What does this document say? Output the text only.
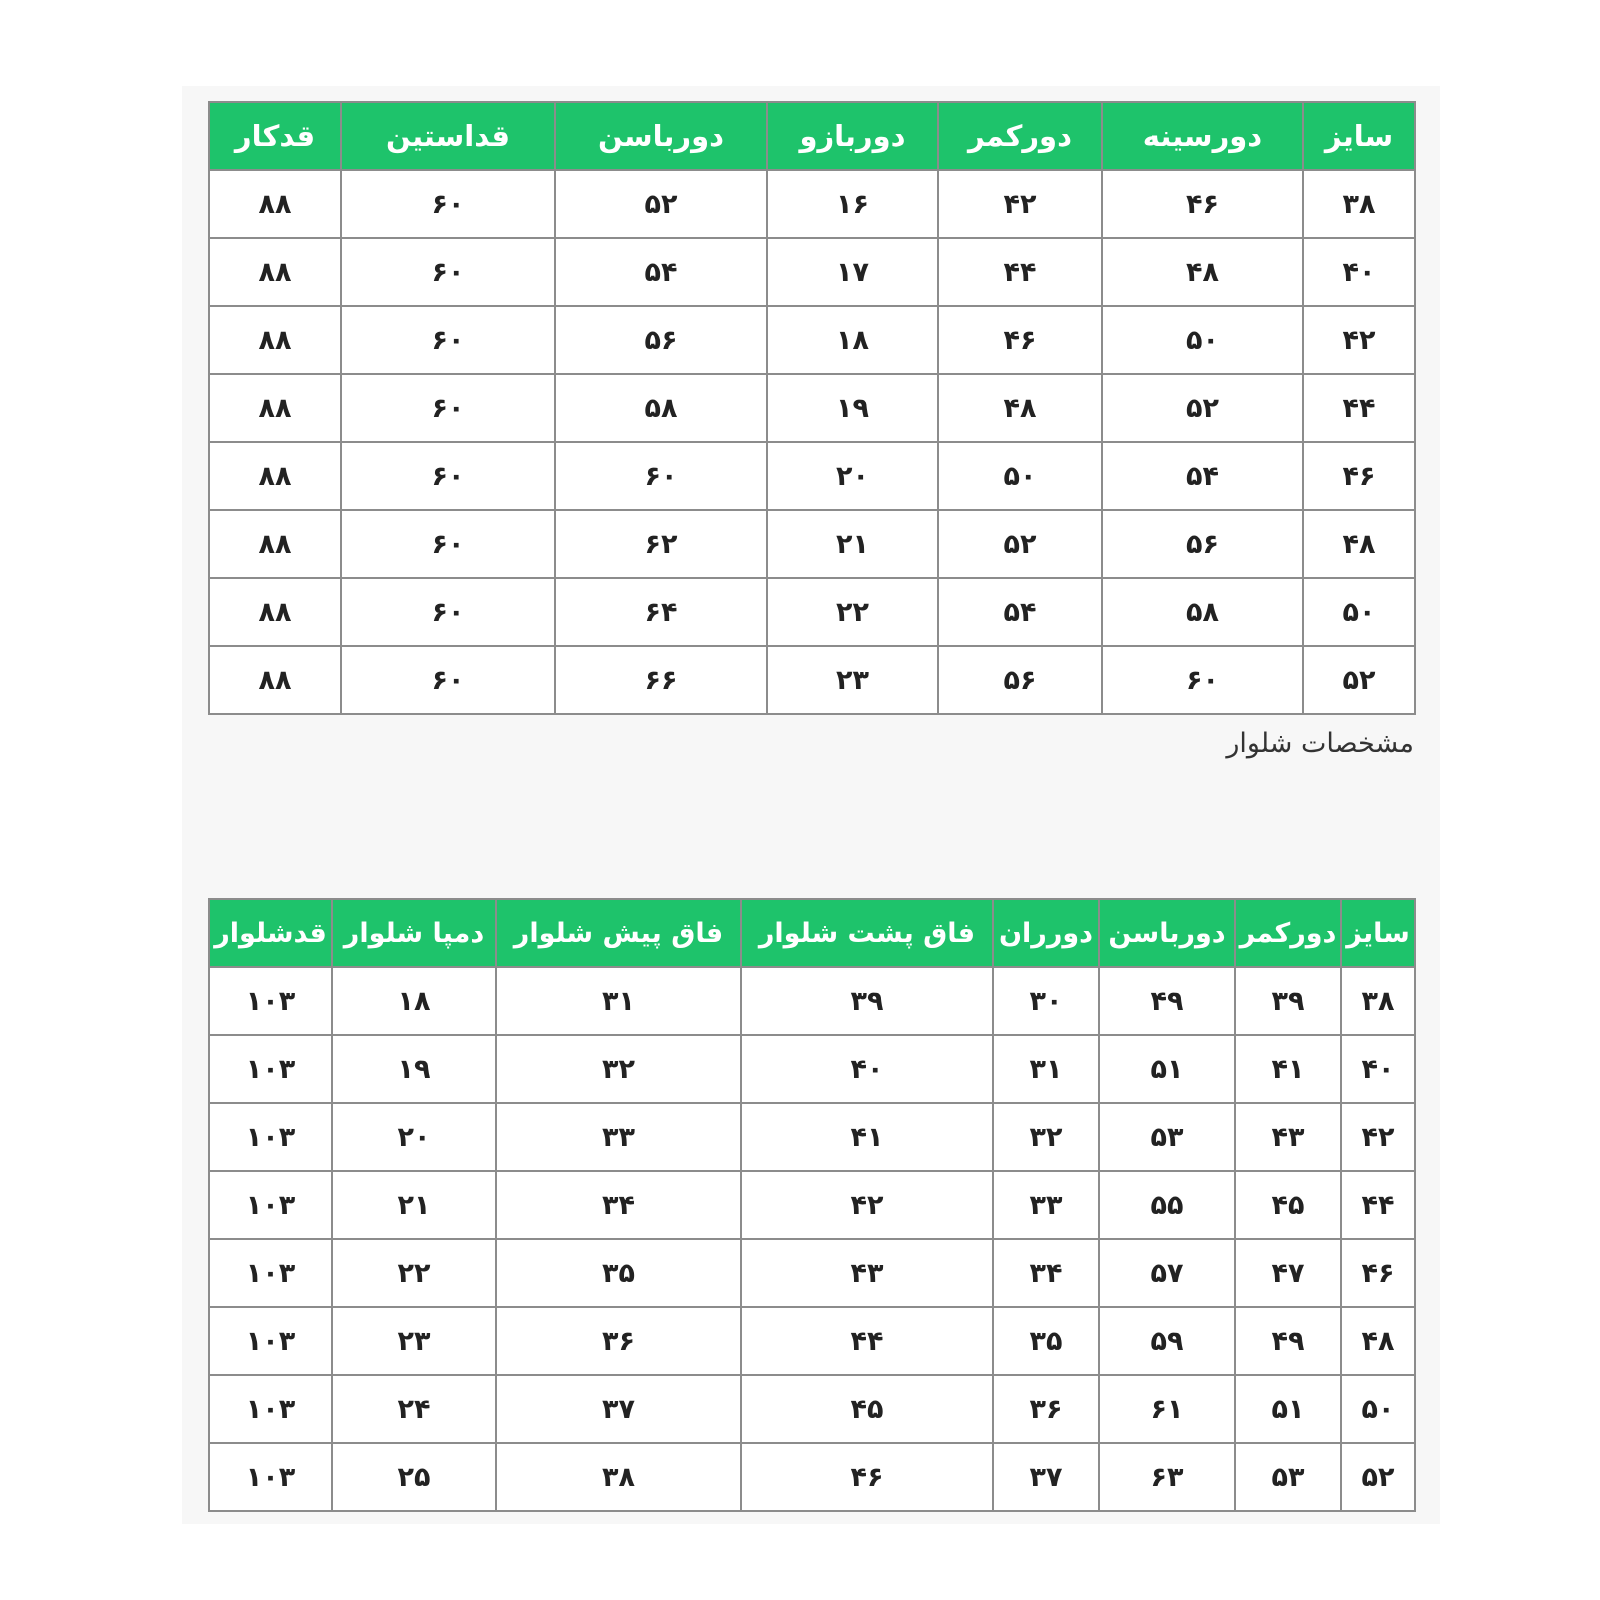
سایز	دورسینه	دورکمر	دوربازو	دورباسن	قداستین	قدکار
۳۸	۴۶	۴۲	۱۶	۵۲	۶۰	۸۸
۴۰	۴۸	۴۴	۱۷	۵۴	۶۰	۸۸
۴۲	۵۰	۴۶	۱۸	۵۶	۶۰	۸۸
۴۴	۵۲	۴۸	۱۹	۵۸	۶۰	۸۸
۴۶	۵۴	۵۰	۲۰	۶۰	۶۰	۸۸
۴۸	۵۶	۵۲	۲۱	۶۲	۶۰	۸۸
۵۰	۵۸	۵۴	۲۲	۶۴	۶۰	۸۸
۵۲	۶۰	۵۶	۲۳	۶۶	۶۰	۸۸
مشخصات شلوار
سایز	دورکمر	دورباسن	دورران	فاق پشت شلوار	فاق پیش شلوار	دمپا شلوار	قدشلوار
۳۸	۳۹	۴۹	۳۰	۳۹	۳۱	۱۸	۱۰۳
۴۰	۴۱	۵۱	۳۱	۴۰	۳۲	۱۹	۱۰۳
۴۲	۴۳	۵۳	۳۲	۴۱	۳۳	۲۰	۱۰۳
۴۴	۴۵	۵۵	۳۳	۴۲	۳۴	۲۱	۱۰۳
۴۶	۴۷	۵۷	۳۴	۴۳	۳۵	۲۲	۱۰۳
۴۸	۴۹	۵۹	۳۵	۴۴	۳۶	۲۳	۱۰۳
۵۰	۵۱	۶۱	۳۶	۴۵	۳۷	۲۴	۱۰۳
۵۲	۵۳	۶۳	۳۷	۴۶	۳۸	۲۵	۱۰۳
